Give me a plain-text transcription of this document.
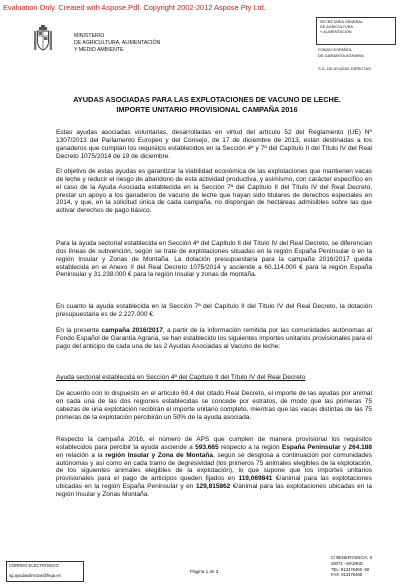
Evaluation Only. Created with Aspose.Pdf. Copyright 2002-2012 Aspose Pty Ltd.
MINISTERIO
DE AGRICULTURA, ALIMENTACIÓN
Y MEDIO AMBIENTE
SECRETARÍA GENERAL
DE AGRICULTURA
Y ALIMENTACIÓN
FONDO ESPAÑOL
DE GARANTÍA AGRARIA
S.G. DE AYUDAS DIRECTAS
AYUDAS ASOCIADAS PARA LAS EXPLOTACIONES DE VACUNO DE LECHE.
IMPORTE UNITARIO PROVISIONAL CAMPAÑA 2016

Estas ayudas asociadas voluntarias, desarrolladas en virtud del artículo 52 del Reglamento (UE) Nº 1307/2013 del Parlamento Europeo y del Consejo, de 17 de diciembre de 2013, están destinadas a los ganaderos que cumplan los requisitos establecidos en la Sección 4ª y 7ª del Capítulo II del Título IV del Real Decreto 1075/2014 de 19 de diciembre.

El objetivo de estas ayudas es garantizar la viabilidad económica de las explotaciones que mantienen vacas de leche y reducir el riesgo de abandono de esta actividad productiva, y asimismo, con carácter específico en el caso de la Ayuda Asociada establecida en la Sección 7ª del Capítulo II del Título IV del Real Decreto, prestar un apoyo a los ganaderos de vacuno de leche que hayan sido titulares de derechos especiales en 2014, y que, en la solicitud única de cada campaña, no dispongan de hectáreas admisibles sobre las que activar derechos de pago básico.

Para la ayuda sectorial establecida en Sección 4ª del Capítulo II del Título IV del Real Decreto, se diferencian dos líneas de subvención, según se trate de explotaciones situadas en la región España Peninsular o en la región Insular y Zonas de Montaña. La dotación presupuestaria para la campaña 2016/2017 queda establecida en el Anexo II del Real Decreto 1075/2014 y asciende a 60.114.000 € para la región España Peninsular y 31.238.000 € para la región Insular y zonas de montaña.

En cuanto la ayuda establecida en la Sección 7ª del Capítulo II del Título IV del Real Decreto, la dotación presupuestaria es de 2.227.000 €.

En la presente campaña 2016/2017, a partir de la información remitida por las comunidades autónomas al Fondo Español de Garantía Agraria, se han establecido los siguientes importes unitarios provisionales para el pago del anticipo de cada una de las 2 Ayudas Asociadas al Vacuno de leche:

Ayuda sectorial establecida en Sección 4ª del Capítulo II del Título IV del Real Decreto

De acuerdo con lo dispuesto en el artículo 69.4 del citado Real Decreto, el importe de las ayudas por animal en cada una de las dos regiones establecidas se concede por estratos, de modo que las primeras 75 cabezas de una explotación recibirán el importe unitario completo, mientras que las vacas distintas de las 75 primeras de la explotación percibirán un 50% de la ayuda asociada.

Respecto la campaña 2016, el número de APS que cumplen de manera provisional los requisitos establecidos para percibir la ayuda asciende a 593.665 respecto a la región España Peninsular y 264.188 en relación a la región Insular y Zona de Montaña, según se desglosa a continuación por comunidades autónomas y así como en cada tramo de degresividad (los primeros 75 animales elegibles de la explotación, de los siguientes animales elegibles de la explotación), lo que supone que los importes unitarios provisionales para el pago de anticipos queden fijados en 119,069841 €/animal para las explotaciones ubicadas en la región España Peninsular y en 129,815862 €/animal para las explotaciones ubicadas en la región Insular y Zonas Montaña.

CORREO ELECTRÓNICO
sg.ayudasdirectas@fega.es
Página 1 de 3
C/ BENEFICENCIA, 8
28071 - MADRID
TEL: 913476466 -68
FAX: 913476465
